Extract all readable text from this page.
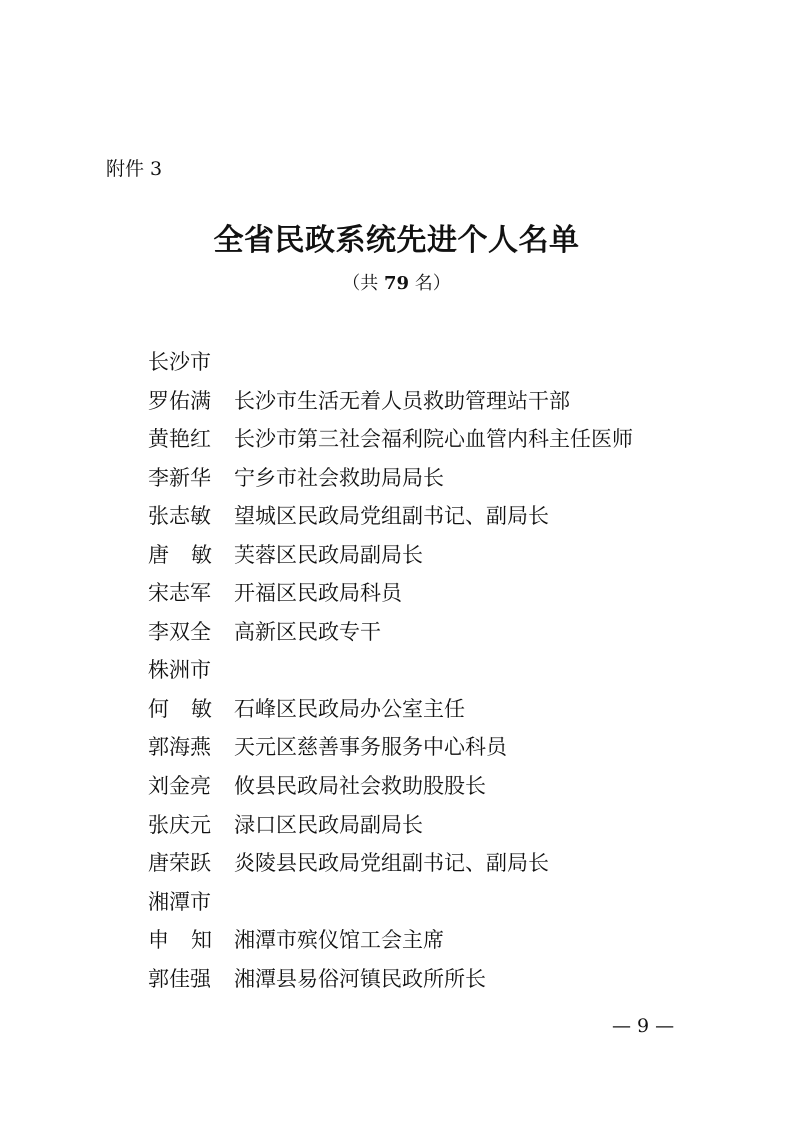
附件 3
全省民政系统先进个人名单
（共 79 名）
长沙市
罗佑满	长沙市生活无着人员救助管理站干部
黄艳红	长沙市第三社会福利院心血管内科主任医师
李新华	宁乡市社会救助局局长
张志敏	望城区民政局党组副书记、副局长
唐 敏 芙蓉区民政局副局长
宋志军	开福区民政局科员
李双全	高新区民政专干
株洲市
何 敏 石峰区民政局办公室主任
郭海燕	天元区慈善事务服务中心科员
刘金亮	攸县民政局社会救助股股长
张庆元	渌口区民政局副局长
唐荣跃	炎陵县民政局党组副书记、副局长
湘潭市
申 知 湘潭市殡仪馆工会主席
郭佳强	湘潭县易俗河镇民政所所长
— 9 —
